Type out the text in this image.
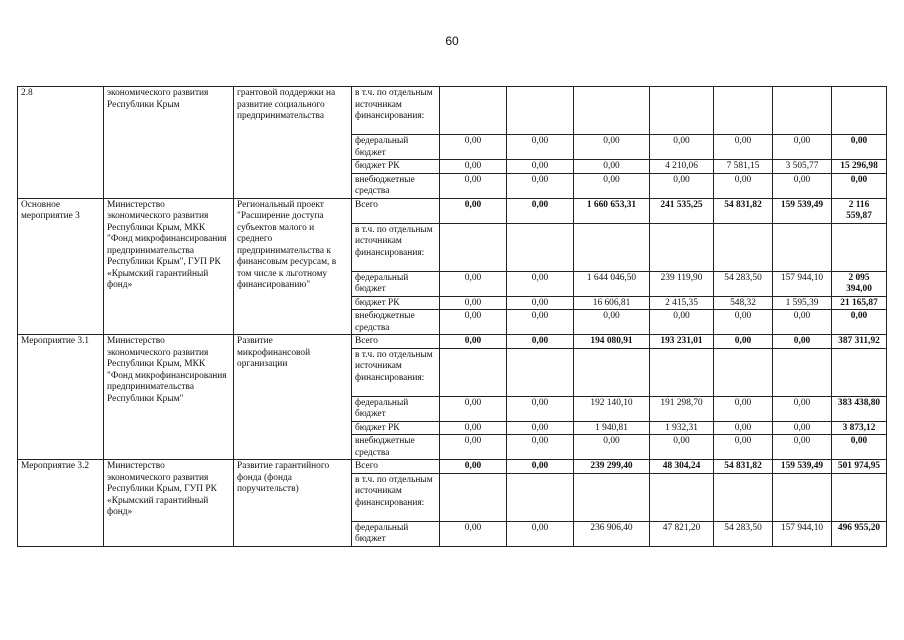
60
2.8	экономического развития Республики Крым	грантовой поддержки на развитие социального предпринимательства	в т.ч. по отдельным источникам финансирования:							
			федеральный бюджет	0,00	0,00	0,00	0,00	0,00	0,00	0,00
			бюджет РК	0,00	0,00	0,00	4 210,06	7 581,15	3 505,77	15 296,98
			внебюджетные средства	0,00	0,00	0,00	0,00	0,00	0,00	0,00
Основное мероприятие 3	Министерство экономического развития Республики Крым, МКК "Фонд микрофинансирования предпринимательства Республики Крым", ГУП РК «Крымский гарантийный фонд»	Региональный проект "Расширение доступа субъектов малого и среднего предпринимательства к финансовым ресурсам, в том числе к льготному финансированию"	Всего	0,00	0,00	1 660 653,31	241 535,25	54 831,82	159 539,49	2 116 559,87
			в т.ч. по отдельным источникам финансирования:							
			федеральный бюджет	0,00	0,00	1 644 046,50	239 119,90	54 283,50	157 944,10	2 095 394,00
			бюджет РК	0,00	0,00	16 606,81	2 415,35	548,32	1 595,39	21 165,87
			внебюджетные средства	0,00	0,00	0,00	0,00	0,00	0,00	0,00
Мероприятие 3.1	Министерство экономического развития Республики Крым, МКК "Фонд микрофинансирования предпринимательства Республики Крым"	Развитие микрофинансовой организации	Всего	0,00	0,00	194 080,91	193 231,01	0,00	0,00	387 311,92
			в т.ч. по отдельным источникам финансирования:							
			федеральный бюджет	0,00	0,00	192 140,10	191 298,70	0,00	0,00	383 438,80
			бюджет РК	0,00	0,00	1 940,81	1 932,31	0,00	0,00	3 873,12
			внебюджетные средства	0,00	0,00	0,00	0,00	0,00	0,00	0,00
Мероприятие 3.2	Министерство экономического развития Республики Крым, ГУП РК «Крымский гарантийный фонд»	Развитие гарантийного фонда (фонда поручительств)	Всего	0,00	0,00	239 299,40	48 304,24	54 831,82	159 539,49	501 974,95
			в т.ч. по отдельным источникам финансирования:							
			федеральный бюджет	0,00	0,00	236 906,40	47 821,20	54 283,50	157 944,10	496 955,20
